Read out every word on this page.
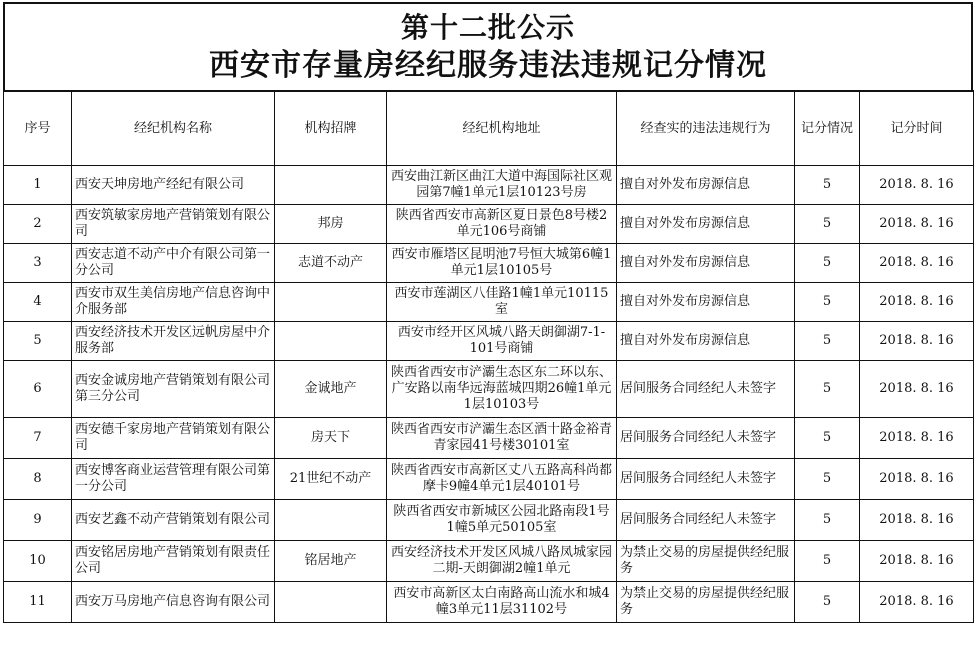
第十二批公示
西安市存量房经纪服务违法违规记分情况
序号	经纪机构名称	机构招牌	经纪机构地址	经查实的违法违规行为	记分情况	记分时间
1	西安天坤房地产经纪有限公司		西安曲江新区曲江大道中海国际社区观园第7幢1单元1层10123号房	擅自对外发布房源信息	5	2018. 8. 16
2	西安筑敏家房地产营销策划有限公司	邦房	陕西省西安市高新区夏日景色8号楼2单元106号商铺	擅自对外发布房源信息	5	2018. 8. 16
3	西安志道不动产中介有限公司第一分公司	志道不动产	西安市雁塔区昆明池7号恒大城第6幢1单元1层10105号	擅自对外发布房源信息	5	2018. 8. 16
4	西安市双生美信房地产信息咨询中介服务部		西安市莲湖区八佳路1幢1单元10115室	擅自对外发布房源信息	5	2018. 8. 16
5	西安经济技术开发区远帆房屋中介服务部		西安市经开区风城八路天朗御湖7-1-101号商铺	擅自对外发布房源信息	5	2018. 8. 16
6	西安金诚房地产营销策划有限公司第三分公司	金诚地产	陕西省西安市浐灞生态区东二环以东、广安路以南华远海蓝城四期26幢1单元1层10103号	居间服务合同经纪人未签字	5	2018. 8. 16
7	西安德千家房地产营销策划有限公司	房天下	陕西省西安市浐灞生态区酒十路金裕青青家园41号楼30101室	居间服务合同经纪人未签字	5	2018. 8. 16
8	西安博客商业运营管理有限公司第一分公司	21世纪不动产	陕西省西安市高新区丈八五路高科尚都摩卡9幢4单元1层40101号	居间服务合同经纪人未签字	5	2018. 8. 16
9	西安艺鑫不动产营销策划有限公司		陕西省西安市新城区公园北路南段1号1幢5单元50105室	居间服务合同经纪人未签字	5	2018. 8. 16
10	西安铭居房地产营销策划有限责任公司	铭居地产	西安经济技术开发区风城八路凤城家园二期-天朗御湖2幢1单元	为禁止交易的房屋提供经纪服务	5	2018. 8. 16
11	西安万马房地产信息咨询有限公司		西安市高新区太白南路高山流水和城4幢3单元11层31102号	为禁止交易的房屋提供经纪服务	5	2018. 8. 16
